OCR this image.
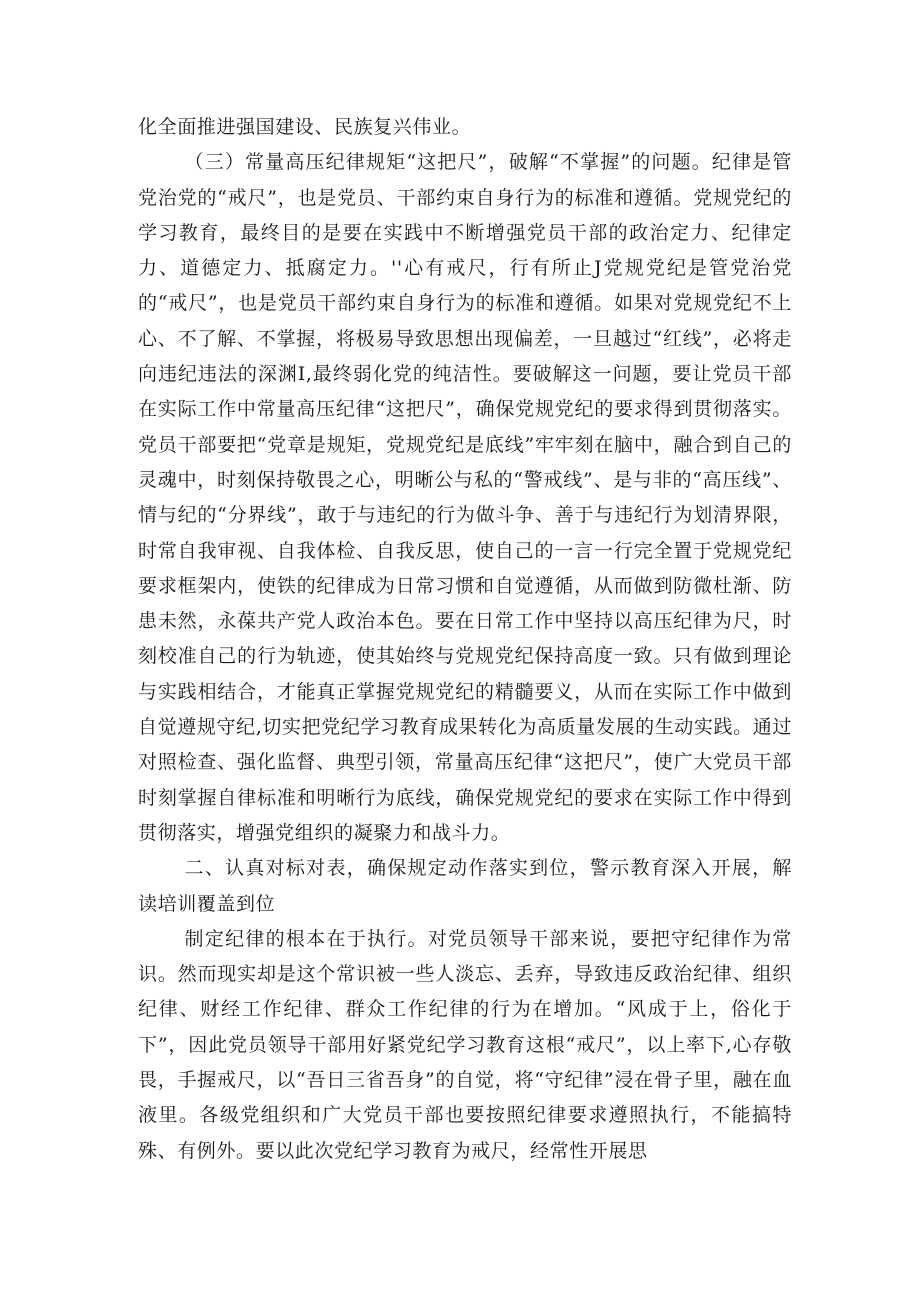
化全面推进强国建设、民族复兴伟业。

（三）常量高压纪律规矩“这把尺”，破解“不掌握”的问题。纪律是管党治党的“戒尺”，也是党员、干部约束自身行为的标准和遵循。党规党纪的学习教育，最终目的是要在实践中不断增强党员干部的政治定力、纪律定力、道德定力、抵腐定力。''心有戒尺，行有所止J党规党纪是管党治党的“戒尺”，也是党员干部约束自身行为的标准和遵循。如果对党规党纪不上心、不了解、不掌握，将极易导致思想出现偏差，一旦越过“红线”，必将走向违纪违法的深渊I,最终弱化党的纯洁性。要破解这一问题，要让党员干部在实际工作中常量高压纪律“这把尺”，确保党规党纪的要求得到贯彻落实。党员干部要把“党章是规矩，党规党纪是底线”牢牢刻在脑中，融合到自己的灵魂中，时刻保持敬畏之心，明晰公与私的“警戒线”、是与非的“高压线”、情与纪的“分界线”，敢于与违纪的行为做斗争、善于与违纪行为划清界限，时常自我审视、自我体检、自我反思，使自己的一言一行完全置于党规党纪要求框架内，使铁的纪律成为日常习惯和自觉遵循，从而做到防微杜渐、防患未然，永葆共产党人政治本色。要在日常工作中坚持以高压纪律为尺，时刻校准自己的行为轨迹，使其始终与党规党纪保持高度一致。只有做到理论与实践相结合，才能真正掌握党规党纪的精髓要义，从而在实际工作中做到自觉遵规守纪,切实把党纪学习教育成果转化为高质量发展的生动实践。通过对照检查、强化监督、典型引领，常量高压纪律“这把尺”，使广大党员干部时刻掌握自律标准和明晰行为底线，确保党规党纪的要求在实际工作中得到贯彻落实，增强党组织的凝聚力和战斗力。

二、认真对标对表，确保规定动作落实到位，警示教育深入开展，解读培训覆盖到位

制定纪律的根本在于执行。对党员领导干部来说，要把守纪律作为常识。然而现实却是这个常识被一些人淡忘、丢弃，导致违反政治纪律、组织纪律、财经工作纪律、群众工作纪律的行为在增加。“风成于上，俗化于下”，因此党员领导干部用好紧党纪学习教育这根“戒尺”，以上率下,心存敬畏，手握戒尺，以“吾日三省吾身”的自觉，将“守纪律”浸在骨子里，融在血液里。各级党组织和广大党员干部也要按照纪律要求遵照执行，不能搞特殊、有例外。要以此次党纪学习教育为戒尺，经常性开展思
